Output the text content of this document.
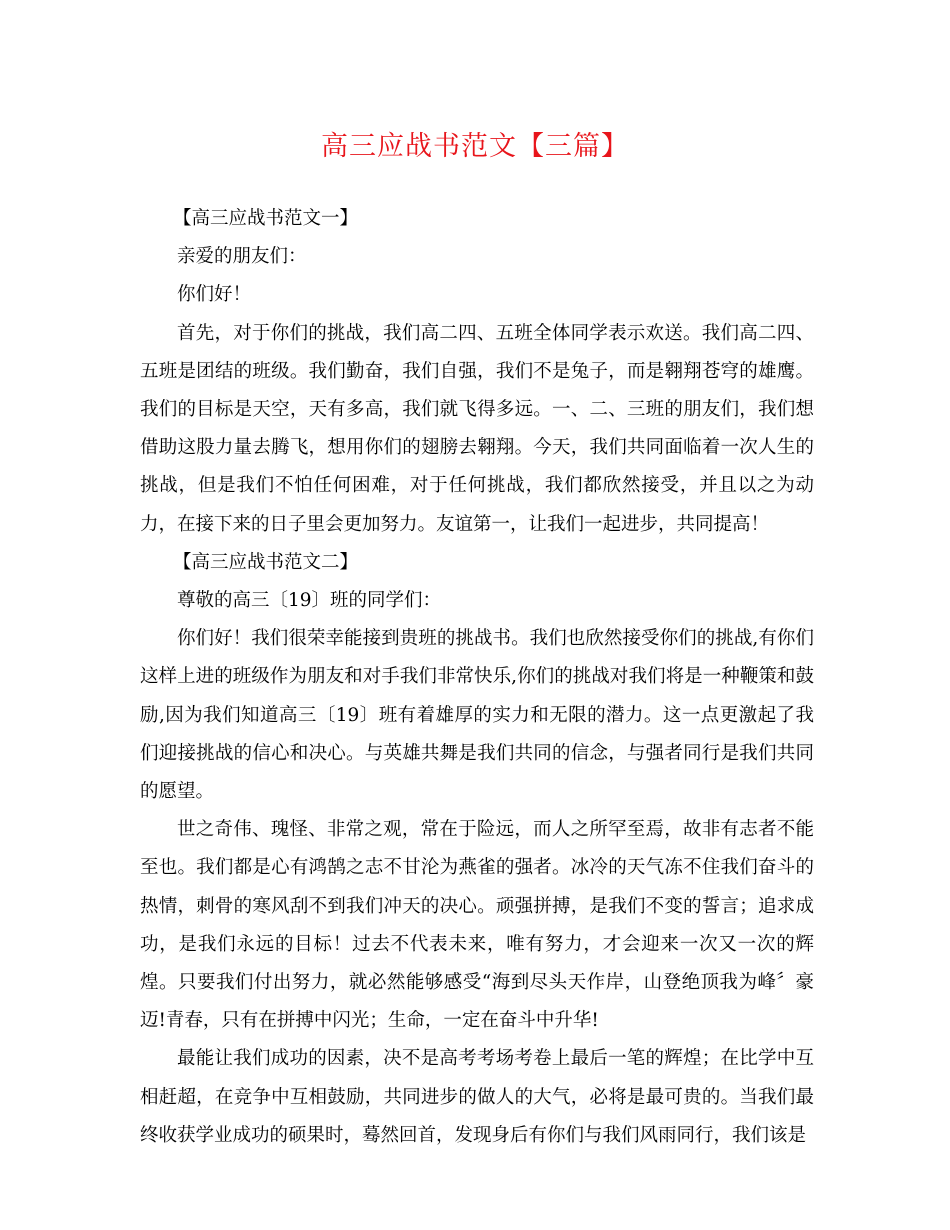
高三应战书范文【三篇】

【高三应战书范文一】

亲爱的朋友们：

你们好！

首先，对于你们的挑战，我们高二四、五班全体同学表示欢送。我们高二四、五班是团结的班级。我们勤奋，我们自强，我们不是兔子，而是翱翔苍穹的雄鹰。我们的目标是天空，天有多高，我们就飞得多远。一、二、三班的朋友们，我们想借助这股力量去腾飞，想用你们的翅膀去翱翔。今天，我们共同面临着一次人生的挑战，但是我们不怕任何困难，对于任何挑战，我们都欣然接受，并且以之为动力，在接下来的日子里会更加努力。友谊第一，让我们一起进步，共同提高！

【高三应战书范文二】

尊敬的高三〔19〕班的同学们：

你们好！我们很荣幸能接到贵班的挑战书。我们也欣然接受你们的挑战,有你们这样上进的班级作为朋友和对手我们非常快乐,你们的挑战对我们将是一种鞭策和鼓励,因为我们知道高三〔19〕班有着雄厚的实力和无限的潜力。这一点更激起了我们迎接挑战的信心和决心。与英雄共舞是我们共同的信念，与强者同行是我们共同的愿望。

世之奇伟、瑰怪、非常之观，常在于险远，而人之所罕至焉，故非有志者不能至也。我们都是心有鸿鹄之志不甘沦为燕雀的强者。冰冷的天气冻不住我们奋斗的热情，刺骨的寒风刮不到我们冲天的决心。顽强拼搏，是我们不变的誓言；追求成功，是我们永远的目标！过去不代表未来，唯有努力，才会迎来一次又一次的辉煌。只要我们付出努力，就必然能够感受“海到尽头天作岸，山登绝顶我为峰〞豪迈!青春，只有在拼搏中闪光；生命，一定在奋斗中升华!

最能让我们成功的因素，决不是高考考场考卷上最后一笔的辉煌；在比学中互相赶超，在竞争中互相鼓励，共同进步的做人的大气，必将是最可贵的。当我们最终收获学业成功的硕果时，蓦然回首，发现身后有你们与我们风雨同行，我们该是
